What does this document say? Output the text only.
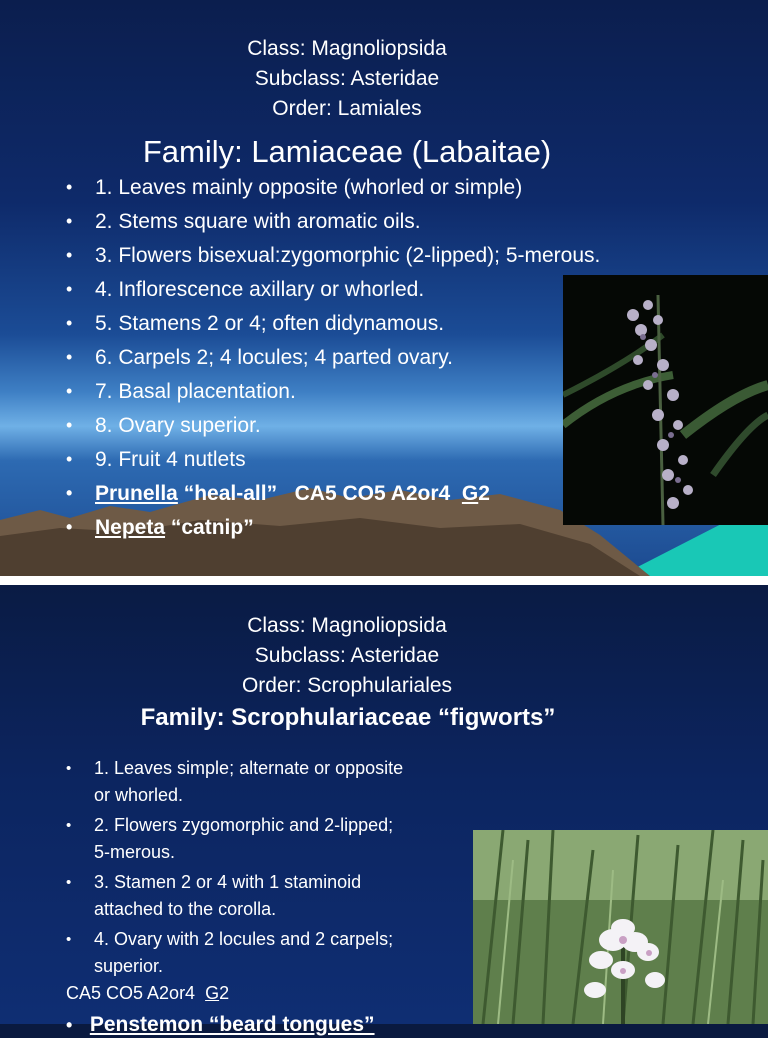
Class: Magnoliopsida
Subclass: Asteridae
Order: Lamiales
Family: Lamiaceae (Labaitae)
• 1. Leaves mainly opposite (whorled or simple)
• 2. Stems square with aromatic oils.
• 3. Flowers bisexual:zygomorphic (2-lipped); 5-merous.
• 4. Inflorescence axillary or whorled.
• 5. Stamens 2 or 4; often didynamous.
• 6. Carpels 2; 4 locules; 4 parted ovary.
• 7. Basal placentation.
• 8. Ovary superior.
• 9. Fruit 4 nutlets
• Prunella “heal-all” CA5 CO5 A2or4 G2
• Nepeta “catnip”
Class: Magnoliopsida
Subclass: Asteridae
Order: Scrophulariales
Family: Scrophulariaceae “figworts”
• 1. Leaves simple; alternate or opposite or whorled.
• 2. Flowers zygomorphic and 2-lipped; 5-merous.
• 3. Stamen 2 or 4 with 1 staminoid attached to the corolla.
• 4. Ovary with 2 locules and 2 carpels; superior.
CA5 CO5 A2or4 G2
• Penstemon “beard tongues”
